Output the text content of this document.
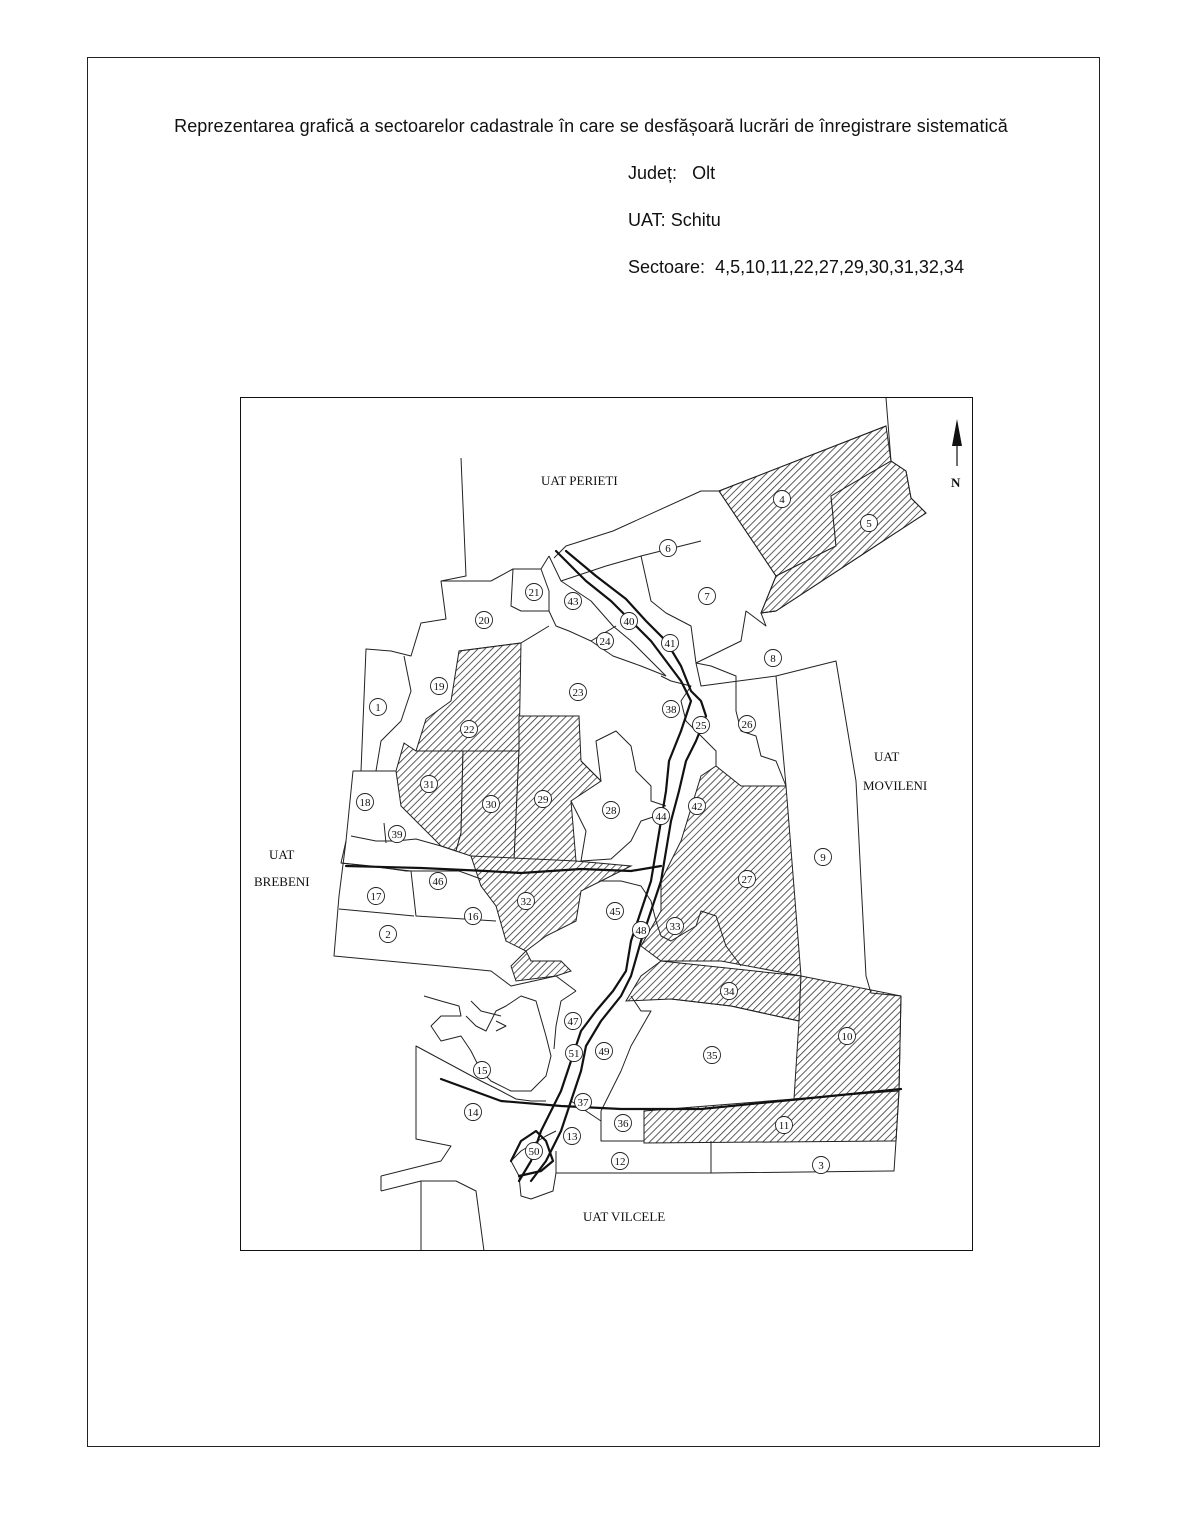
Reprezentarea grafică a sectoarelor cadastrale în care se desfășoară lucrări de înregistrare sistematică
Județ: Olt
UAT: Schitu
Sectoare: 4,5,10,11,22,27,29,30,31,32,34
N
UAT PERIETI
UAT
MOVILENI
UAT
BREBENI
UAT VILCELE
1
2
3
4
5
6
7
8
9
10
11
12
13
14
15
16
17
18
19
20
21
22
23
24
25	26
27
28
29
30
31
32
33
34
35
36
37
38
39
40
41
42
43
44
45
46
47
48
49
50
51
